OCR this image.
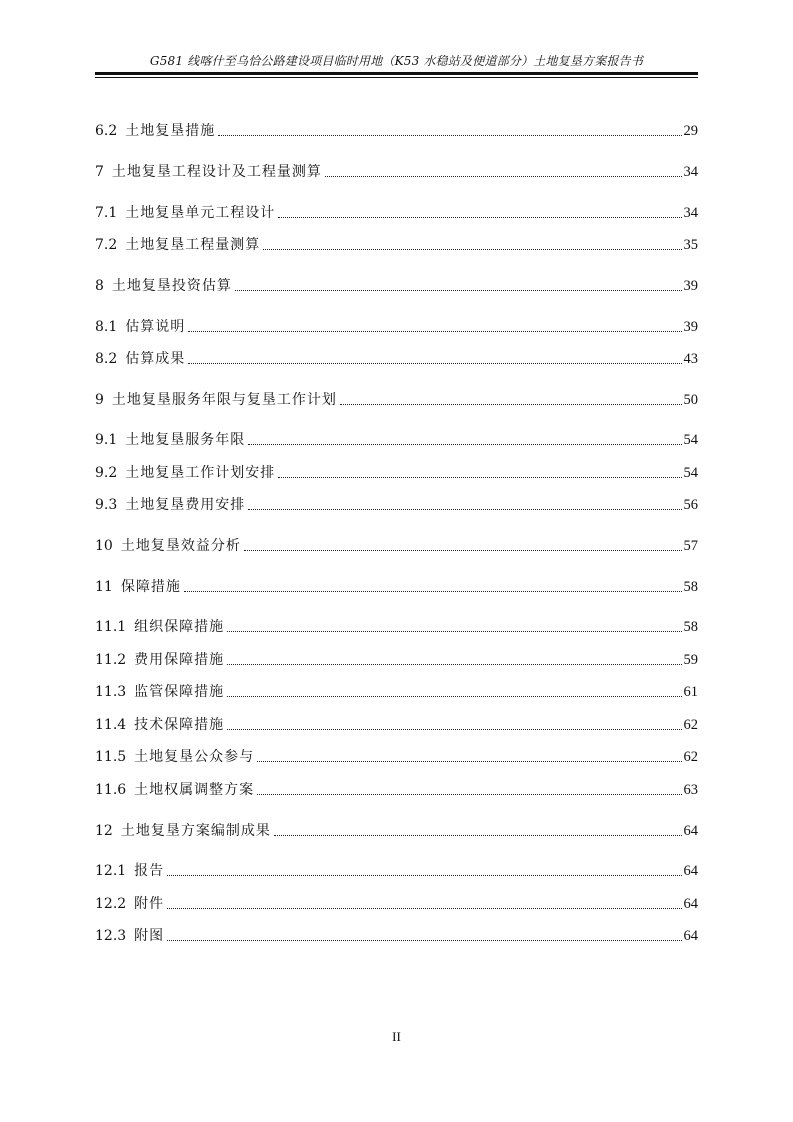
G581 线喀什至乌恰公路建设项目临时用地（K53 水稳站及便道部分）土地复垦方案报告书
6.2 土地复垦措施	29
7 土地复垦工程设计及工程量测算	34
7.1 土地复垦单元工程设计	34
7.2 土地复垦工程量测算	35
8 土地复垦投资估算	39
8.1 估算说明	39
8.2 估算成果	43
9 土地复垦服务年限与复垦工作计划	50
9.1 土地复垦服务年限	54
9.2 土地复垦工作计划安排	54
9.3 土地复垦费用安排	56
10 土地复垦效益分析	57
11 保障措施	58
11.1 组织保障措施	58
11.2 费用保障措施	59
11.3 监管保障措施	61
11.4 技术保障措施	62
11.5 土地复垦公众参与	62
11.6 土地权属调整方案	63
12 土地复垦方案编制成果	64
12.1 报告	64
12.2 附件	64
12.3 附图	64
II
